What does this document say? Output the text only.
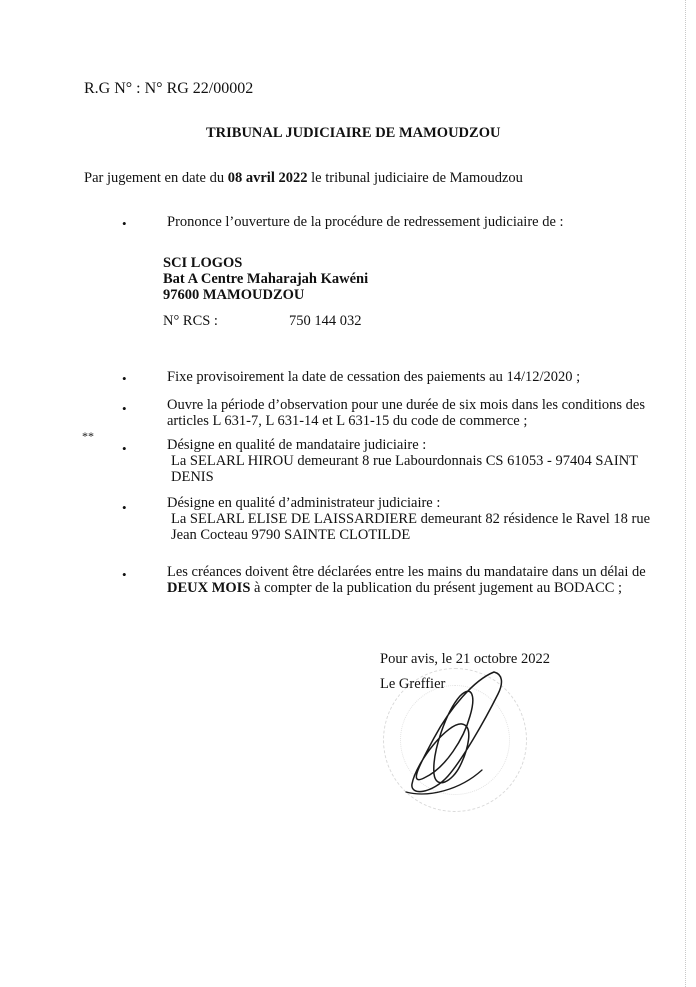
R.G N° : N° RG 22/00002
TRIBUNAL JUDICIAIRE DE MAMOUDZOU
Par jugement en date du 08 avril 2022 le tribunal judiciaire de Mamoudzou
•	Prononce l’ouverture de la procédure de redressement judiciaire de :
SCI LOGOS
Bat A Centre Maharajah Kawéni
97600 MAMOUDZOU
N° RCS :	750 144 032
•	Fixe provisoirement la date de cessation des paiements au 14/12/2020 ;
•	Ouvre la période d’observation pour une durée de six mois dans les conditions des
articles L 631-7, L 631-14 et L 631-15 du code de commerce ;
**
•	Désigne en qualité de mandataire judiciaire :
La SELARL HIROU demeurant 8 rue Labourdonnais CS 61053 - 97404 SAINT
DENIS
•	Désigne en qualité d’administrateur judiciaire :
La SELARL ELISE DE LAISSARDIERE demeurant 82 résidence le Ravel 18 rue
Jean Cocteau 9790 SAINTE CLOTILDE
•	Les créances doivent être déclarées entre les mains du mandataire dans un délai de
DEUX MOIS à compter de la publication du présent jugement au BODACC ;
Pour avis, le 21 octobre 2022
Le Greffier
